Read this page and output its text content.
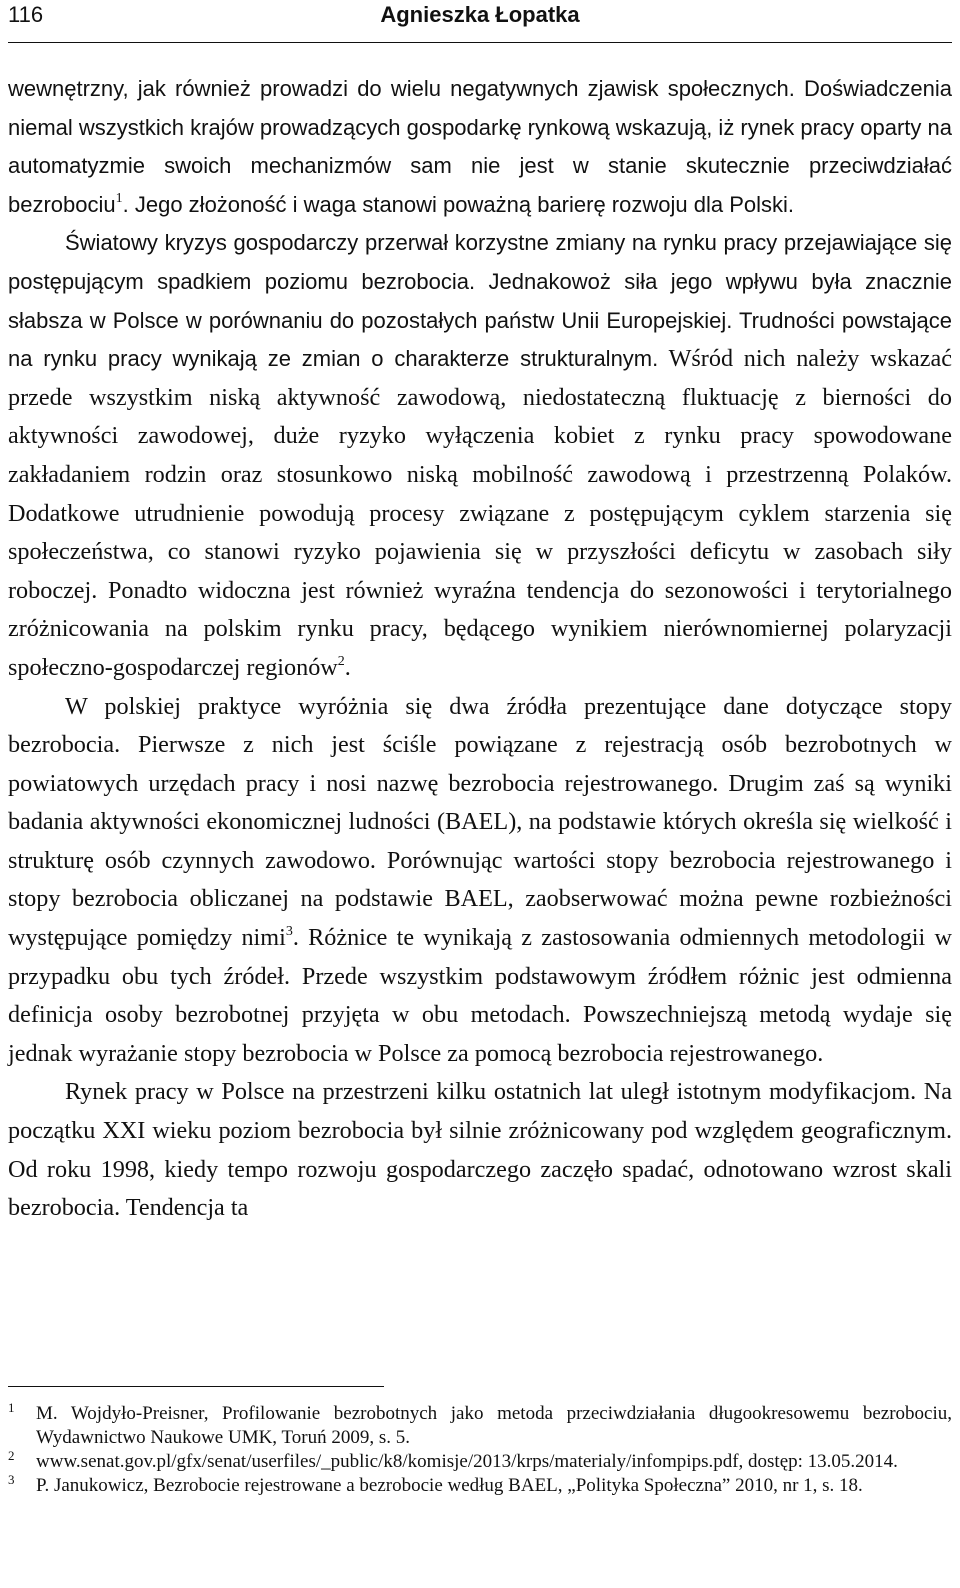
116	Agnieszka Łopatka

wewnętrzny, jak również prowadzi do wielu negatywnych zjawisk społecznych. Doświadczenia niemal wszystkich krajów prowadzących gospodarkę rynkową wskazują, iż rynek pracy oparty na automatyzmie swoich mechanizmów sam nie jest w stanie skutecznie przeciwdziałać bezrobociu$^1$. Jego złożoność i waga stanowi poważną barierę rozwoju dla Polski.

Światowy kryzys gospodarczy przerwał korzystne zmiany na rynku pracy przejawiające się postępującym spadkiem poziomu bezrobocia. Jednakowoż siła jego wpływu była znacznie słabsza w Polsce w porównaniu do pozostałych państw Unii Europejskiej. Trudności powstające na rynku pracy wynikają ze zmian o charakterze strukturalnym. Wśród nich należy wskazać przede wszystkim niską aktywność zawodową, niedostateczną fluktuację z bierności do aktywności zawodowej, duże ryzyko wyłączenia kobiet z rynku pracy spowodowane zakładaniem rodzin oraz stosunkowo niską mobilność zawodową i przestrzenną Polaków. Dodatkowe utrudnienie powodują procesy związane z postępującym cyklem starzenia się społeczeństwa, co stanowi ryzyko pojawienia się w przyszłości deficytu w zasobach siły roboczej. Ponadto widoczna jest również wyraźna tendencja do sezonowości i terytorialnego zróżnicowania na polskim rynku pracy, będącego wynikiem nierównomiernej polaryzacji społeczno-gospodarczej regionów$^2$.

W polskiej praktyce wyróżnia się dwa źródła prezentujące dane dotyczące stopy bezrobocia. Pierwsze z nich jest ściśle powiązane z rejestracją osób bezrobotnych w powiatowych urzędach pracy i nosi nazwę bezrobocia rejestrowanego. Drugim zaś są wyniki badania aktywności ekonomicznej ludności (BAEL), na podstawie których określa się wielkość i strukturę osób czynnych zawodowo. Porównując wartości stopy bezrobocia rejestrowanego i stopy bezrobocia obliczanej na podstawie BAEL, zaobserwować można pewne rozbieżności występujące pomiędzy nimi$^3$. Różnice te wynikają z zastosowania odmiennych metodologii w przypadku obu tych źródeł. Przede wszystkim podstawowym źródłem różnic jest odmienna definicja osoby bezrobotnej przyjęta w obu metodach. Powszechniejszą metodą wydaje się jednak wyrażanie stopy bezrobocia w Polsce za pomocą bezrobocia rejestrowanego.

Rynek pracy w Polsce na przestrzeni kilku ostatnich lat uległ istotnym modyfikacjom. Na początku XXI wieku poziom bezrobocia był silnie zróżnicowany pod względem geograficznym. Od roku 1998, kiedy tempo rozwoju gospodarczego zaczęło spadać, odnotowano wzrost skali bezrobocia. Tendencja ta

1 M. Wojdyło-Preisner, Profilowanie bezrobotnych jako metoda przeciwdziałania długookresowemu bezrobociu, Wydawnictwo Naukowe UMK, Toruń 2009, s. 5.

2 www.senat.gov.pl/gfx/senat/userfiles/_public/k8/komisje/2013/krps/materialy/infompips.pdf, dostęp: 13.05.2014.

3 P. Janukowicz, Bezrobocie rejestrowane a bezrobocie według BAEL, „Polityka Społeczna” 2010, nr 1, s. 18.
